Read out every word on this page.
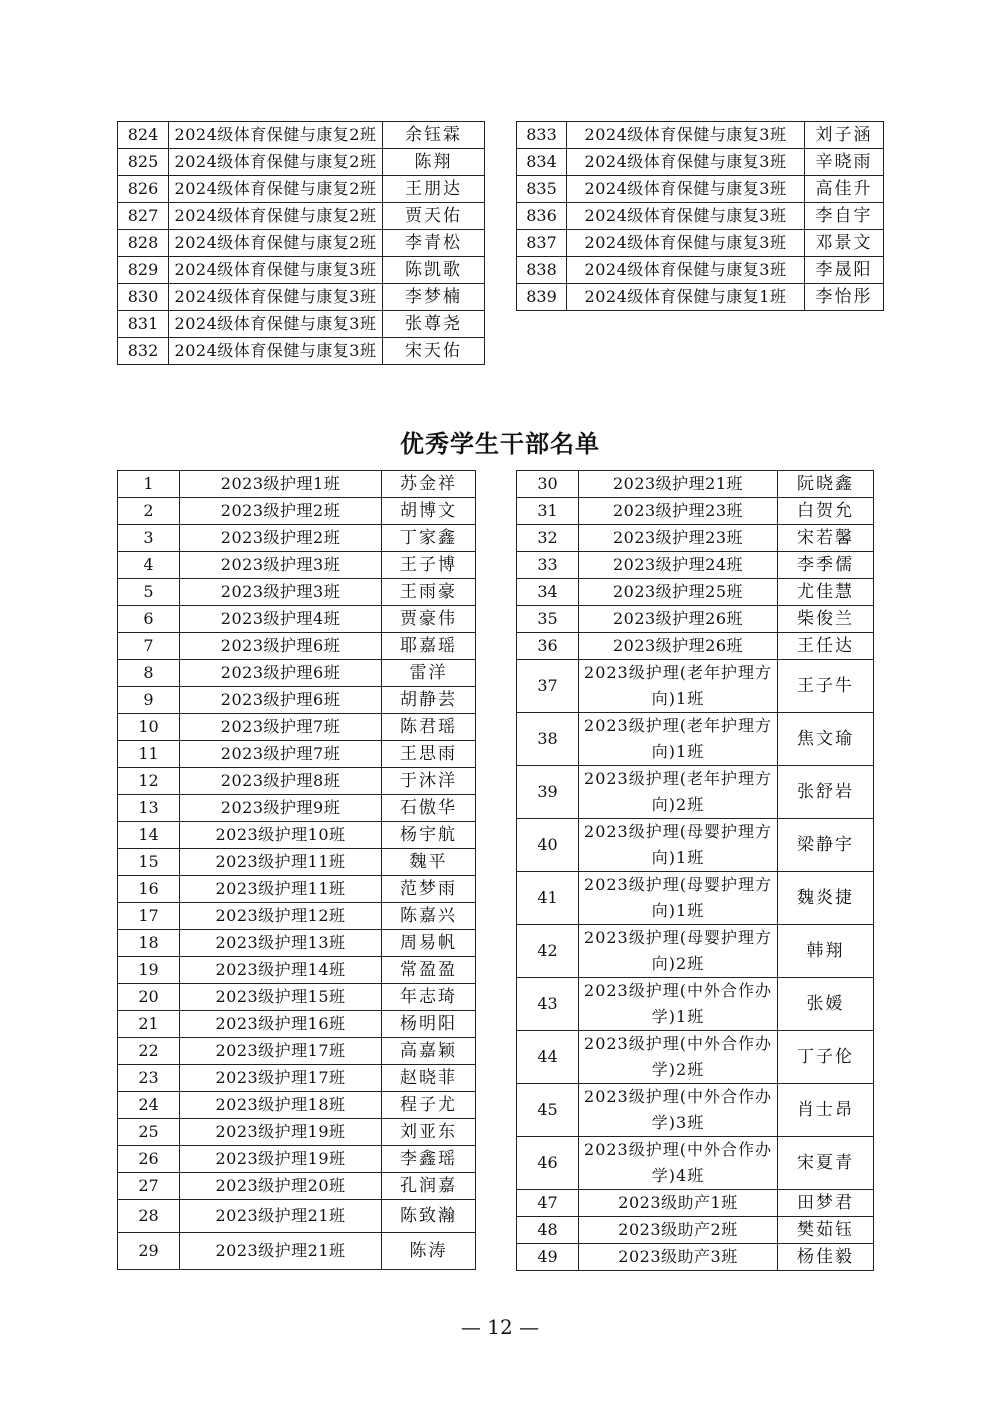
824	2024级体育保健与康复2班	余钰霖
825	2024级体育保健与康复2班	陈翔
826	2024级体育保健与康复2班	王朋达
827	2024级体育保健与康复2班	贾天佑
828	2024级体育保健与康复2班	李青松
829	2024级体育保健与康复3班	陈凯歌
830	2024级体育保健与康复3班	李梦楠
831	2024级体育保健与康复3班	张尊尧
832	2024级体育保健与康复3班	宋天佑
833	2024级体育保健与康复3班	刘子涵
834	2024级体育保健与康复3班	辛晓雨
835	2024级体育保健与康复3班	高佳升
836	2024级体育保健与康复3班	李自宇
837	2024级体育保健与康复3班	邓景文
838	2024级体育保健与康复3班	李晟阳
839	2024级体育保健与康复1班	李怡彤
优秀学生干部名单
1	2023级护理1班	苏金祥
2	2023级护理2班	胡博文
3	2023级护理2班	丁家鑫
4	2023级护理3班	王子博
5	2023级护理3班	王雨豪
6	2023级护理4班	贾豪伟
7	2023级护理6班	耶嘉瑶
8	2023级护理6班	雷洋
9	2023级护理6班	胡静芸
10	2023级护理7班	陈君瑶
11	2023级护理7班	王思雨
12	2023级护理8班	于沐洋
13	2023级护理9班	石傲华
14	2023级护理10班	杨宇航
15	2023级护理11班	魏平
16	2023级护理11班	范梦雨
17	2023级护理12班	陈嘉兴
18	2023级护理13班	周易帆
19	2023级护理14班	常盈盈
20	2023级护理15班	年志琦
21	2023级护理16班	杨明阳
22	2023级护理17班	高嘉颖
23	2023级护理17班	赵晓菲
24	2023级护理18班	程子尤
25	2023级护理19班	刘亚东
26	2023级护理19班	李鑫瑶
27	2023级护理20班	孔润嘉
28	2023级护理21班	陈致瀚
29	2023级护理21班	陈涛
30	2023级护理21班	阮晓鑫
31	2023级护理23班	白贺允
32	2023级护理23班	宋若馨
33	2023级护理24班	李季儒
34	2023级护理25班	尤佳慧
35	2023级护理26班	柴俊兰
36	2023级护理26班	王任达
37	2023级护理(老年护理方向)1班	王子牛
38	2023级护理(老年护理方向)1班	焦文瑜
39	2023级护理(老年护理方向)2班	张舒岩
40	2023级护理(母婴护理方向)1班	梁静宇
41	2023级护理(母婴护理方向)1班	魏炎捷
42	2023级护理(母婴护理方向)2班	韩翔
43	2023级护理(中外合作办学)1班	张媛
44	2023级护理(中外合作办学)2班	丁子伦
45	2023级护理(中外合作办学)3班	肖士昂
46	2023级护理(中外合作办学)4班	宋夏青
47	2023级助产1班	田梦君
48	2023级助产2班	樊茹钰
49	2023级助产3班	杨佳毅
— 12 —
